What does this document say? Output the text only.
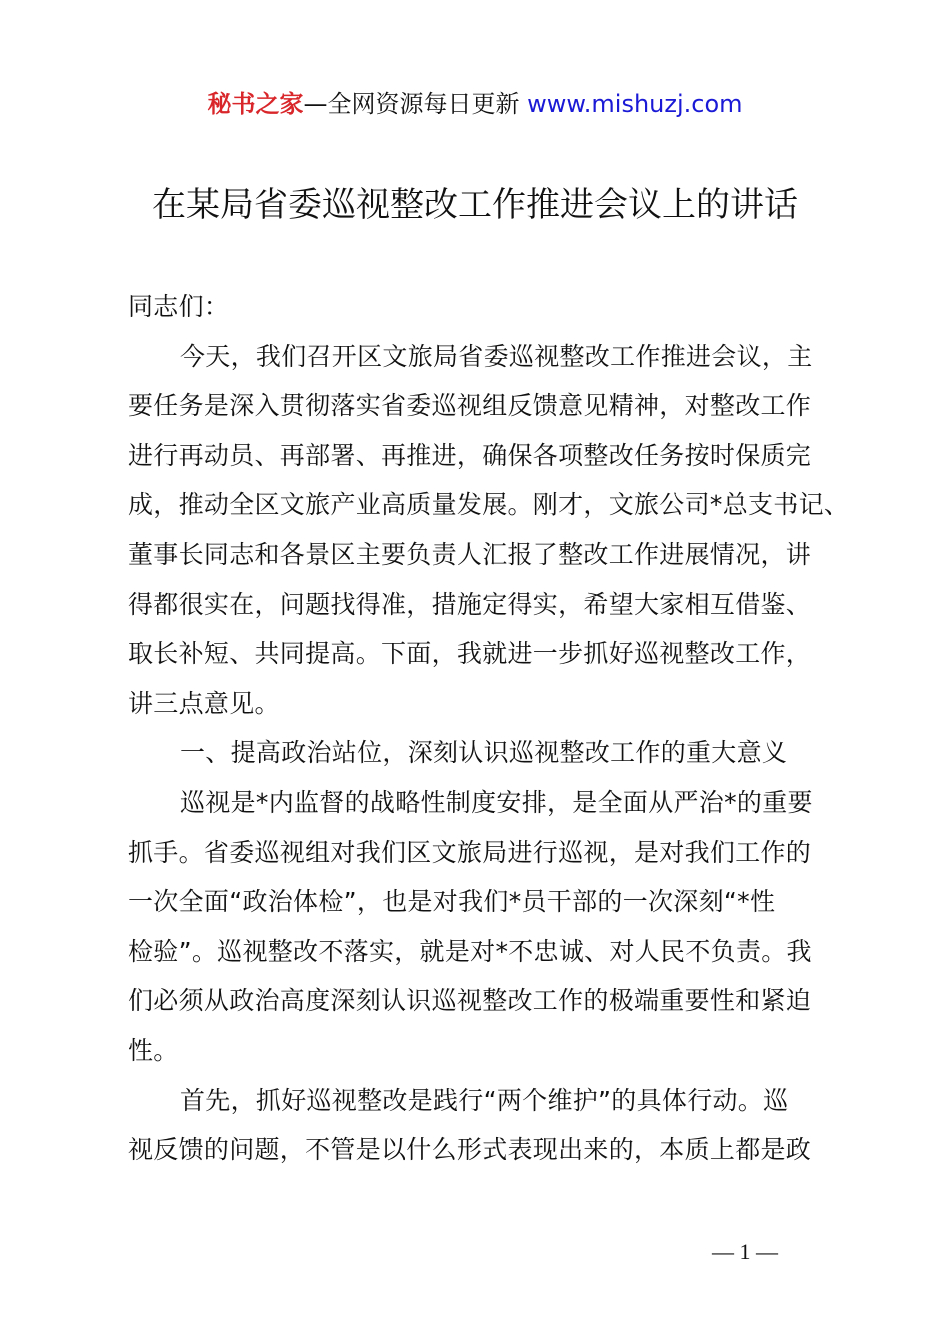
秘书之家—全网资源每日更新 www.mishuzj.com
在某局省委巡视整改工作推进会议上的讲话
同志们：
今天，我们召开区文旅局省委巡视整改工作推进会议，主
要任务是深入贯彻落实省委巡视组反馈意见精神，对整改工作
进行再动员、再部署、再推进，确保各项整改任务按时保质完
成，推动全区文旅产业高质量发展。刚才，文旅公司*总支书记、
董事长同志和各景区主要负责人汇报了整改工作进展情况，讲
得都很实在，问题找得准，措施定得实，希望大家相互借鉴、
取长补短、共同提高。下面，我就进一步抓好巡视整改工作，
讲三点意见。
一、提高政治站位，深刻认识巡视整改工作的重大意义
巡视是*内监督的战略性制度安排，是全面从严治*的重要
抓手。省委巡视组对我们区文旅局进行巡视，是对我们工作的
一次全面“政治体检”，也是对我们*员干部的一次深刻“*性
检验”。巡视整改不落实，就是对*不忠诚、对人民不负责。我
们必须从政治高度深刻认识巡视整改工作的极端重要性和紧迫
性。
首先，抓好巡视整改是践行“两个维护”的具体行动。巡
视反馈的问题，不管是以什么形式表现出来的，本质上都是政
— 1 —
